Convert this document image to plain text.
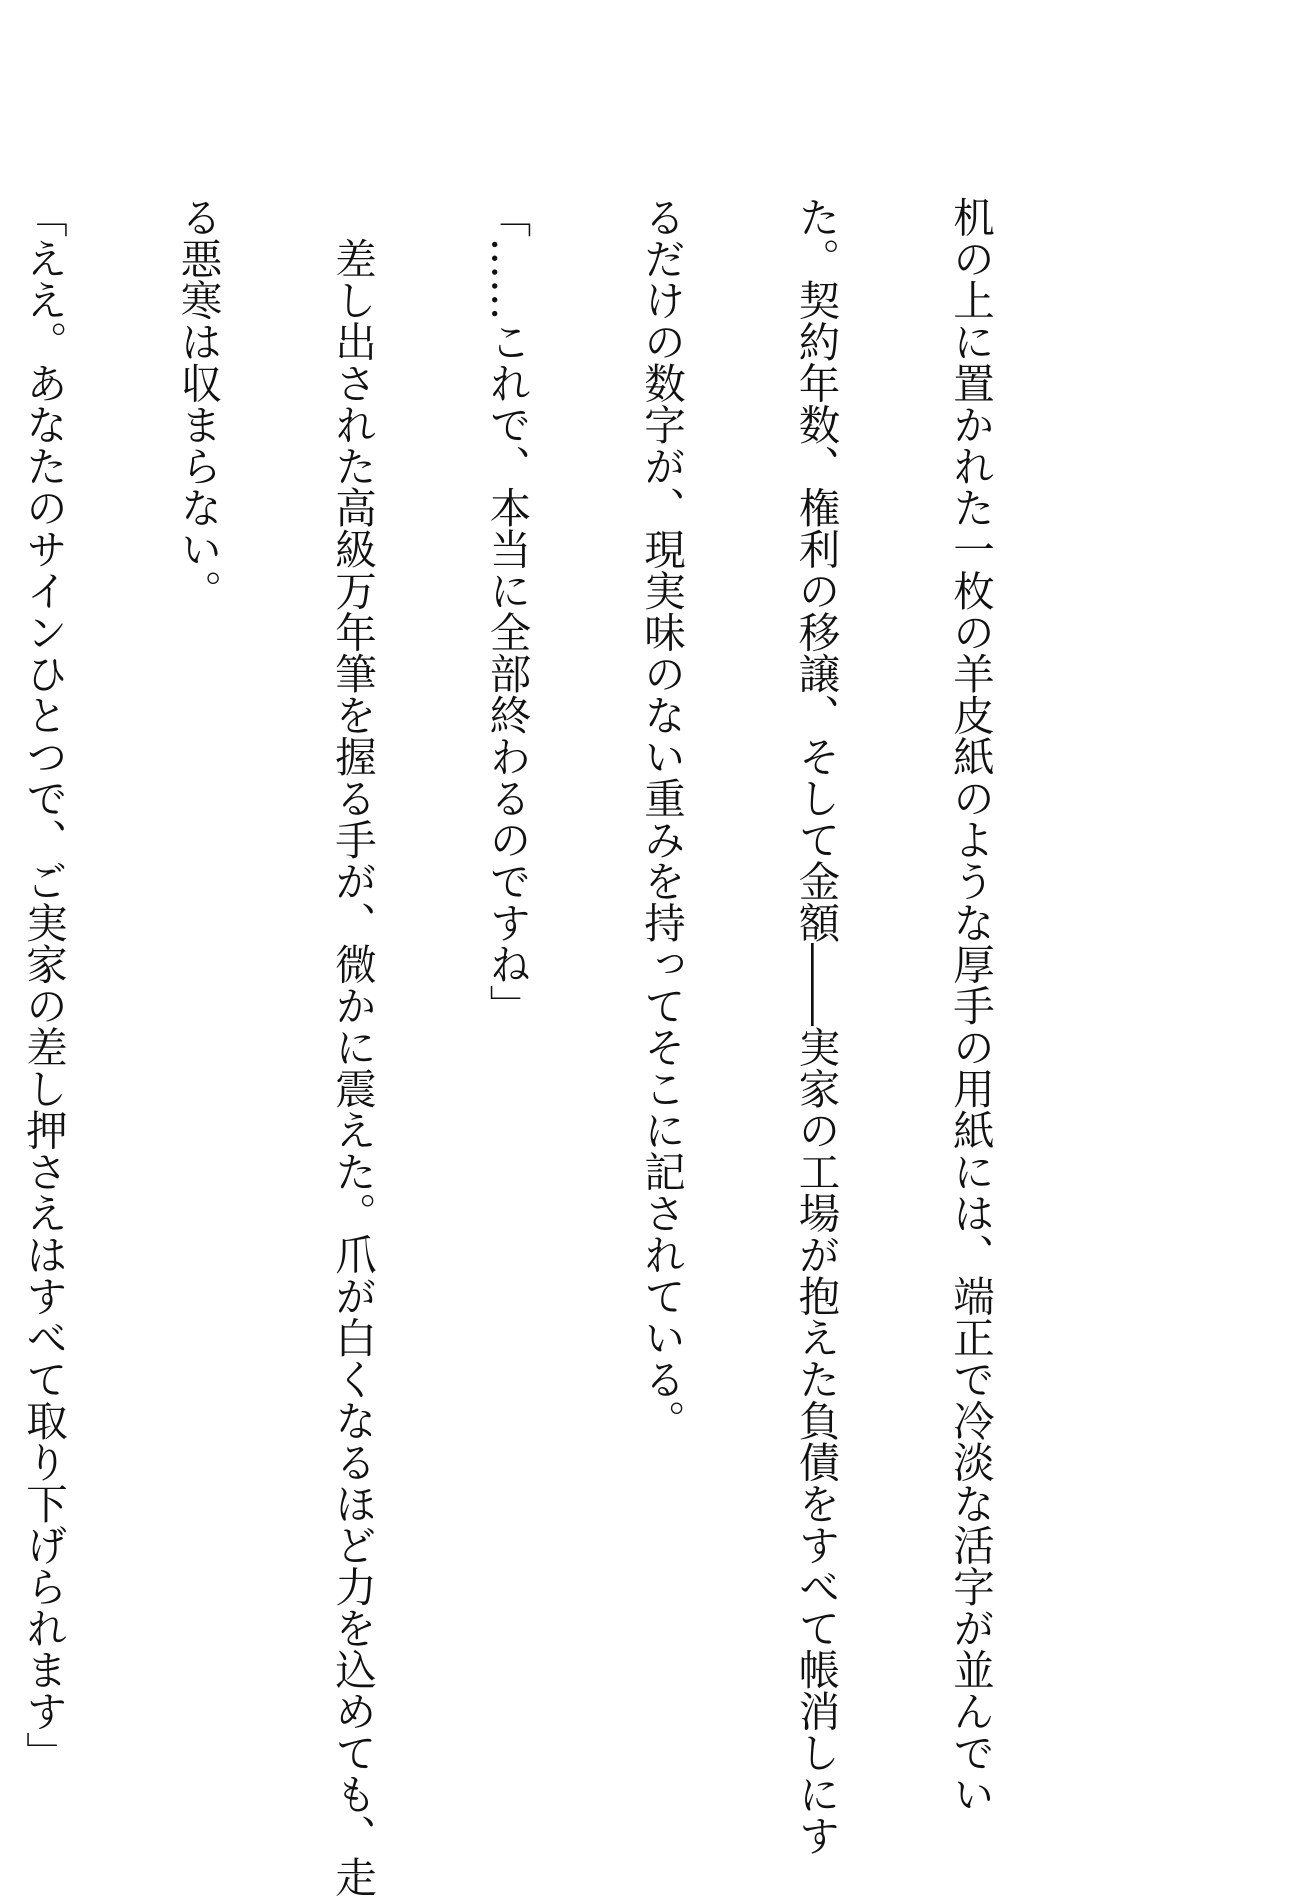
机の上に置かれた一枚の羊皮紙のような厚手の用紙には、端正で冷淡な活字が並んでい

た。契約年数、権利の移譲、そして金額――実家の工場が抱えた負債をすべて帳消しにす

るだけの数字が、現実味のない重みを持ってそこに記されている。

「……これで、本当に全部終わるのですね」

　差し出された高級万年筆を握る手が、微かに震えた。爪が白くなるほど力を込めても、走

る悪寒は収まらない。

「ええ。あなたのサインひとつで、ご実家の差し押さえはすべて取り下げられます」
